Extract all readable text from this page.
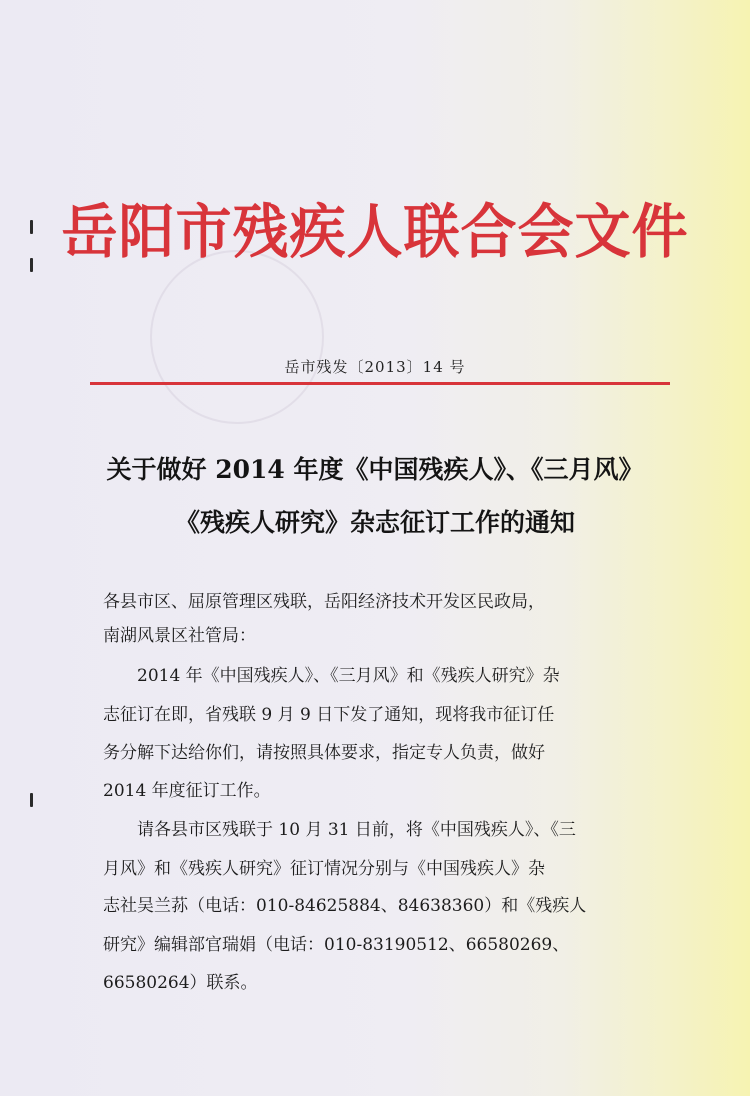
岳阳市残疾人联合会文件
岳市残发〔2013〕14 号
关于做好 2014 年度《中国残疾人》、《三月风》
《残疾人研究》杂志征订工作的通知
各县市区、屈原管理区残联，岳阳经济技术开发区民政局，
南湖风景区社管局：
　　2014 年《中国残疾人》、《三月风》和《残疾人研究》杂
志征订在即，省残联 9 月 9 日下发了通知，现将我市征订任
务分解下达给你们，请按照具体要求，指定专人负责，做好
2014 年度征订工作。
　　请各县市区残联于 10 月 31 日前，将《中国残疾人》、《三
月风》和《残疾人研究》征订情况分别与《中国残疾人》杂
志社吴兰荪（电话：010-84625884、84638360）和《残疾人
研究》编辑部官瑞娟（电话：010-83190512、66580269、
66580264）联系。
